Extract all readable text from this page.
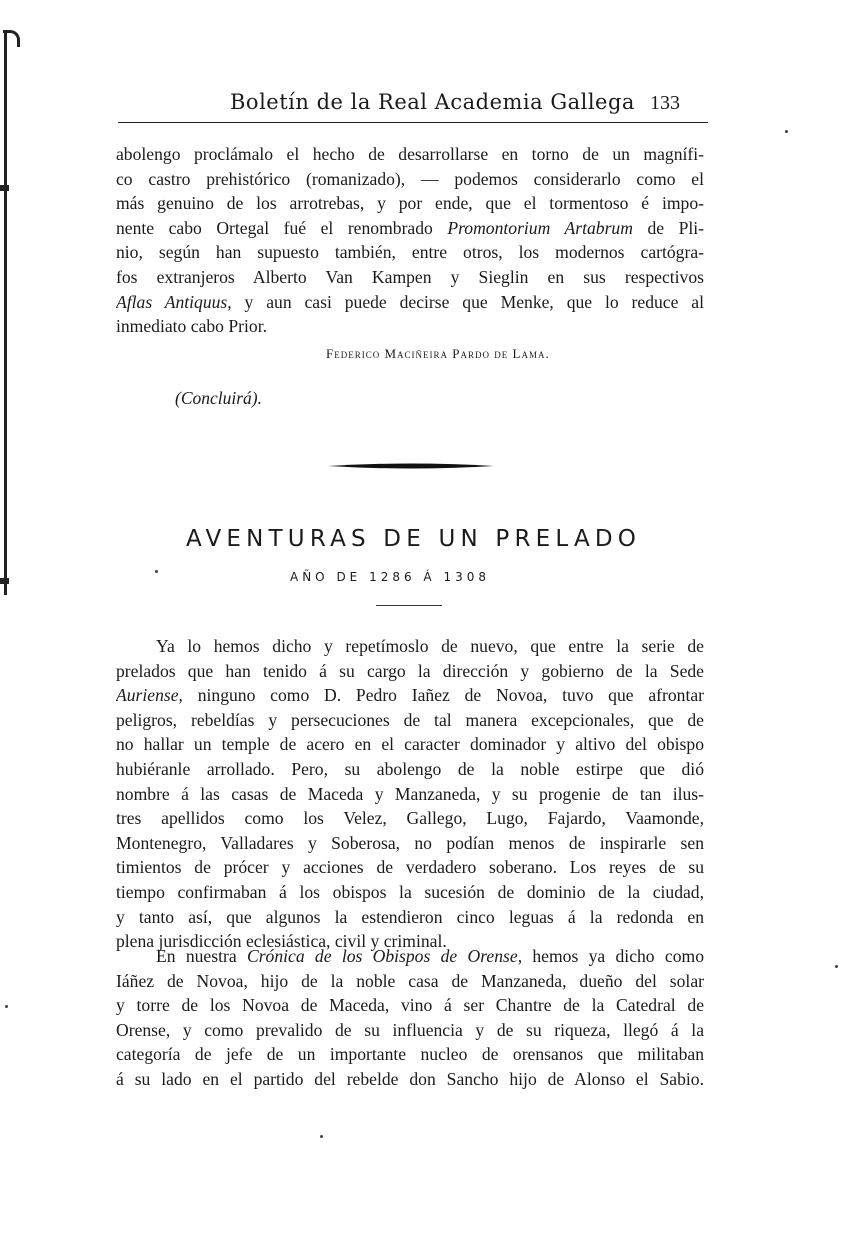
Boletín de la Real Academia Gallega 133
abolengo proclámalo el hecho de desarrollarse en torno de un magnífi-
co castro prehistórico (romanizado), — podemos considerarlo como el
más genuino de los arrotrebas, y por ende, que el tormentoso é impo-
nente cabo Ortegal fué el renombrado Promontorium Artabrum de Pli-
nio, según han supuesto también, entre otros, los modernos cartógra-
fos extranjeros Alberto Van Kampen y Sieglin en sus respectivos
Aflas Antiquus, y aun casi puede decirse que Menke, que lo reduce al
inmediato cabo Prior.
Federico Maciñeira Pardo de Lama.
(Concluirá).
AVENTURAS DE UN PRELADO
AÑO DE 1286 Á 1308
Ya lo hemos dicho y repetímoslo de nuevo, que entre la serie de
prelados que han tenido á su cargo la dirección y gobierno de la Sede
Auriense, ninguno como D. Pedro Iañez de Novoa, tuvo que afrontar
peligros, rebeldías y persecuciones de tal manera excepcionales, que de
no hallar un temple de acero en el caracter dominador y altivo del obispo
hubiéranle arrollado. Pero, su abolengo de la noble estirpe que dió
nombre á las casas de Maceda y Manzaneda, y su progenie de tan ilus-
tres apellidos como los Velez, Gallego, Lugo, Fajardo, Vaamonde,
Montenegro, Valladares y Soberosa, no podían menos de inspirarle sen
timientos de prócer y acciones de verdadero soberano. Los reyes de su
tiempo confirmaban á los obispos la sucesión de dominio de la ciudad,
y tanto así, que algunos la estendieron cinco leguas á la redonda en
plena jurisdicción eclesiástica, civil y criminal.
En nuestra Crónica de los Obispos de Orense, hemos ya dicho como
Iáñez de Novoa, hijo de la noble casa de Manzaneda, dueño del solar
y torre de los Novoa de Maceda, vino á ser Chantre de la Catedral de
Orense, y como prevalido de su influencia y de su riqueza, llegó á la
categoría de jefe de un importante nucleo de orensanos que militaban
á su lado en el partido del rebelde don Sancho hijo de Alonso el Sabio.
